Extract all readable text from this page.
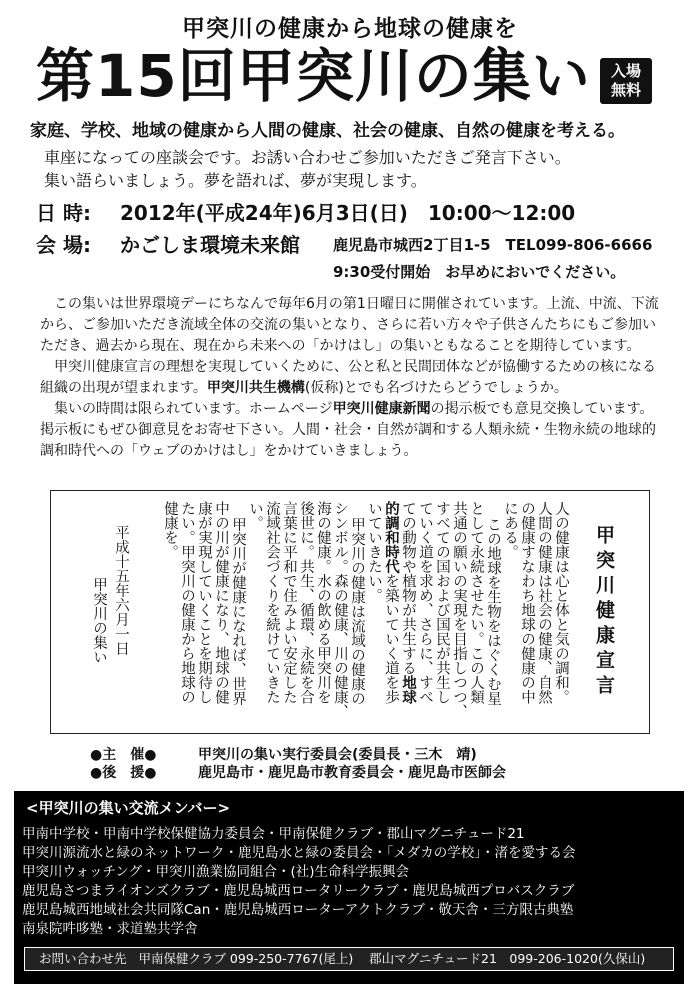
甲突川の健康から地球の健康を
第15回甲突川の集い 入場
無料
家庭、学校、地域の健康から人間の健康、社会の健康、自然の健康を考える。
車座になっての座談会です。お誘い合わせご参加いただきご発言下さい。
集い語らいましょう。夢を語れば、夢が実現します。
日 時: 2012年(平成24年)6月3日(日)　10:00〜12:00
会 場: かごしま環境未来館 鹿児島市城西2丁目1-5　TEL099-806-6666
9:30受付開始　お早めにおいでください。

この集いは世界環境デーにちなんで毎年6月の第1日曜日に開催されています。上流、中流、下流から、ご参加いただき流域全体の交流の集いとなり、さらに若い方々や子供さんたちにもご参加いただき、過去から現在、現在から未来への「かけはし」の集いともなることを期待しています。

甲突川健康宣言の理想を実現していくために、公と私と民間団体などが協働するための核になる組織の出現が望まれます。甲突川共生機構(仮称)とでも名づけたらどうでしょうか。

集いの時間は限られています。ホームページ甲突川健康新聞の掲示板でも意見交換しています。掲示板にもぜひ御意見をお寄せ下さい。人間・社会・自然が調和する人類永続・生物永続の地球的調和時代への「ウェブのかけはし」をかけていきましょう。

甲突川健康宣言
人の健康は心と体と気の調和。
人間の健康は社会の健康、自然
の健康すなわち地球の健康の中
にある。
この地球を生物をはぐくむ星
として永続させたい。この人類
共通の願いの実現を目指しつつ、
すべての国および国民が共生し
ていく道を求め、さらに、すべ
ての動物や植物が共生する地球
的調和時代を築いていく道を歩
いていきたい。
甲突川の健康は流域の健康の
シンボル。森の健康、川の健康、
海の健康。水の飲める甲突川を
後世に。共生、循環、永続を合
言葉に平和で住みよい安定した
流域社会づくりを続けていきた
い。
甲突川が健康になれば、世界
中の川が健康になり、地球の健
康が実現していくことを期待し
たい。甲突川の健康から地球の
健康を。
平成十五年六月一日
甲突川の集い
●主　催●	甲突川の集い実行委員会(委員長・三木　靖)
●後　援●	鹿児島市・鹿児島市教育委員会・鹿児島市医師会
<甲突川の集い交流メンバー>
甲南中学校・甲南中学校保健協力委員会・甲南保健クラブ・郡山マグニチュード21
甲突川源流水と緑のネットワーク・鹿児島水と緑の委員会・「メダカの学校」・渚を愛する会
甲突川ウォッチング・甲突川漁業協同組合・(社)生命科学振興会
鹿児島さつまライオンズクラブ・鹿児島城西ロータリークラブ・鹿児島城西プロバスクラブ
鹿児島城西地域社会共同隊Can・鹿児島城西ローターアクトクラブ・敬天舎・三方限古典塾
南泉院吽哆塾・求道塾共学舎
お問い合わせ先 甲南保健クラブ 099-250-7767(尾上) 郡山マグニチュード21　099-206-1020(久保山)
